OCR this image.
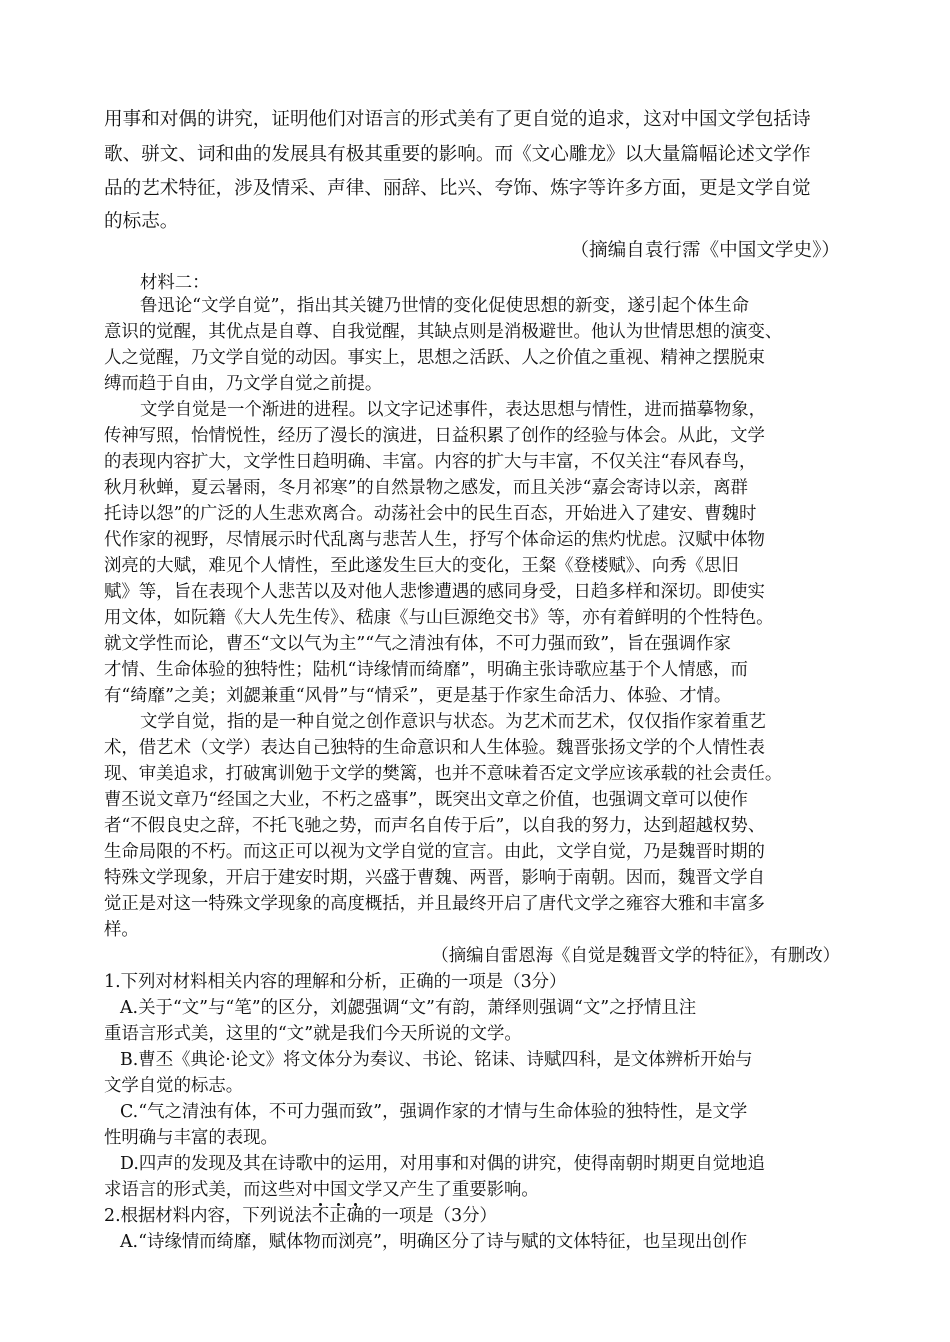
用事和对偶的讲究，证明他们对语言的形式美有了更自觉的追求，这对中国文学包括诗
歌、骈文、词和曲的发展具有极其重要的影响。而《文心雕龙》以大量篇幅论述文学作
品的艺术特征，涉及情采、声律、丽辞、比兴、夸饰、炼字等许多方面，更是文学自觉
的标志。
（摘编自袁行霈《中国文学史》）
材料二：
鲁迅论“文学自觉”，指出其关键乃世情的变化促使思想的新变，遂引起个体生命
意识的觉醒，其优点是自尊、自我觉醒，其缺点则是消极避世。他认为世情思想的演变、
人之觉醒，乃文学自觉的动因。事实上，思想之活跃、人之价值之重视、精神之摆脱束
缚而趋于自由，乃文学自觉之前提。
文学自觉是一个渐进的进程。以文字记述事件，表达思想与情性，进而描摹物象，
传神写照，怡情悦性，经历了漫长的演进，日益积累了创作的经验与体会。从此，文学
的表现内容扩大，文学性日趋明确、丰富。内容的扩大与丰富，不仅关注“春风春鸟，
秋月秋蝉，夏云暑雨，冬月祁寒”的自然景物之感发，而且关涉“嘉会寄诗以亲，离群
托诗以怨”的广泛的人生悲欢离合。动荡社会中的民生百态，开始进入了建安、曹魏时
代作家的视野，尽情展示时代乱离与悲苦人生，抒写个体命运的焦灼忧虑。汉赋中体物
浏亮的大赋，难见个人情性，至此遂发生巨大的变化，王粲《登楼赋》、向秀《思旧
赋》等，旨在表现个人悲苦以及对他人悲惨遭遇的感同身受，日趋多样和深切。即使实
用文体，如阮籍《大人先生传》、嵇康《与山巨源绝交书》等，亦有着鲜明的个性特色。
就文学性而论，曹丕“文以气为主”“气之清浊有体，不可力强而致”，旨在强调作家
才情、生命体验的独特性；陆机“诗缘情而绮靡”，明确主张诗歌应基于个人情感，而
有“绮靡”之美；刘勰兼重“风骨”与“情采”，更是基于作家生命活力、体验、才情。
文学自觉，指的是一种自觉之创作意识与状态。为艺术而艺术，仅仅指作家着重艺
术，借艺术（文学）表达自己独特的生命意识和人生体验。魏晋张扬文学的个人情性表
现、审美追求，打破寓训勉于文学的樊篱，也并不意味着否定文学应该承载的社会责任。
曹丕说文章乃“经国之大业，不朽之盛事”，既突出文章之价值，也强调文章可以使作
者“不假良史之辞，不托飞驰之势，而声名自传于后”，以自我的努力，达到超越权势、
生命局限的不朽。而这正可以视为文学自觉的宣言。由此，文学自觉，乃是魏晋时期的
特殊文学现象，开启于建安时期，兴盛于曹魏、两晋，影响于南朝。因而，魏晋文学自
觉正是对这一特殊文学现象的高度概括，并且最终开启了唐代文学之雍容大雅和丰富多
样。
（摘编自雷恩海《自觉是魏晋文学的特征》，有删改）
1.下列对材料相关内容的理解和分析，正确的一项是（3分）
A.关于“文”与“笔”的区分，刘勰强调“文”有韵，萧绎则强调“文”之抒情且注
重语言形式美，这里的“文”就是我们今天所说的文学。
B.曹丕《典论·论文》将文体分为奏议、书论、铭诔、诗赋四科，是文体辨析开始与
文学自觉的标志。
C.“气之清浊有体，不可力强而致”，强调作家的才情与生命体验的独特性，是文学
性明确与丰富的表现。
D.四声的发现及其在诗歌中的运用，对用事和对偶的讲究，使得南朝时期更自觉地追
求语言的形式美，而这些对中国文学又产生了重要影响。
2.根据材料内容，下列说法不正确的一项是（3分）
A.“诗缘情而绮靡，赋体物而浏亮”，明确区分了诗与赋的文体特征，也呈现出创作
